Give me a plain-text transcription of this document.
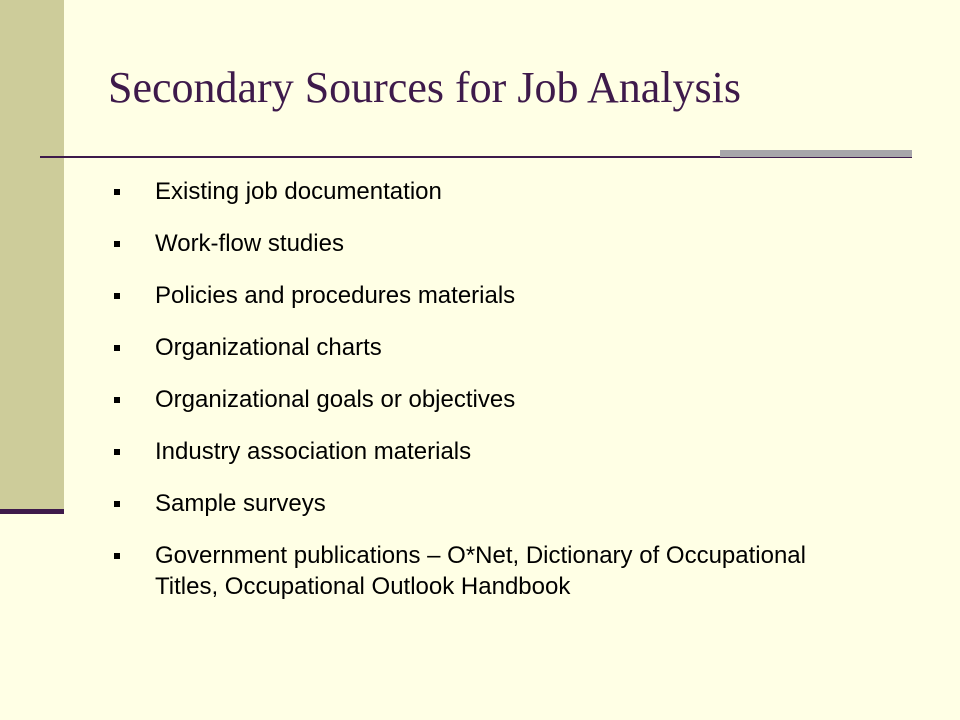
Secondary Sources for Job Analysis
Existing job documentation
Work-flow studies
Policies and procedures materials
Organizational charts
Organizational goals or objectives
Industry association materials
Sample surveys
Government publications – O*Net, Dictionary of Occupational Titles, Occupational Outlook Handbook
